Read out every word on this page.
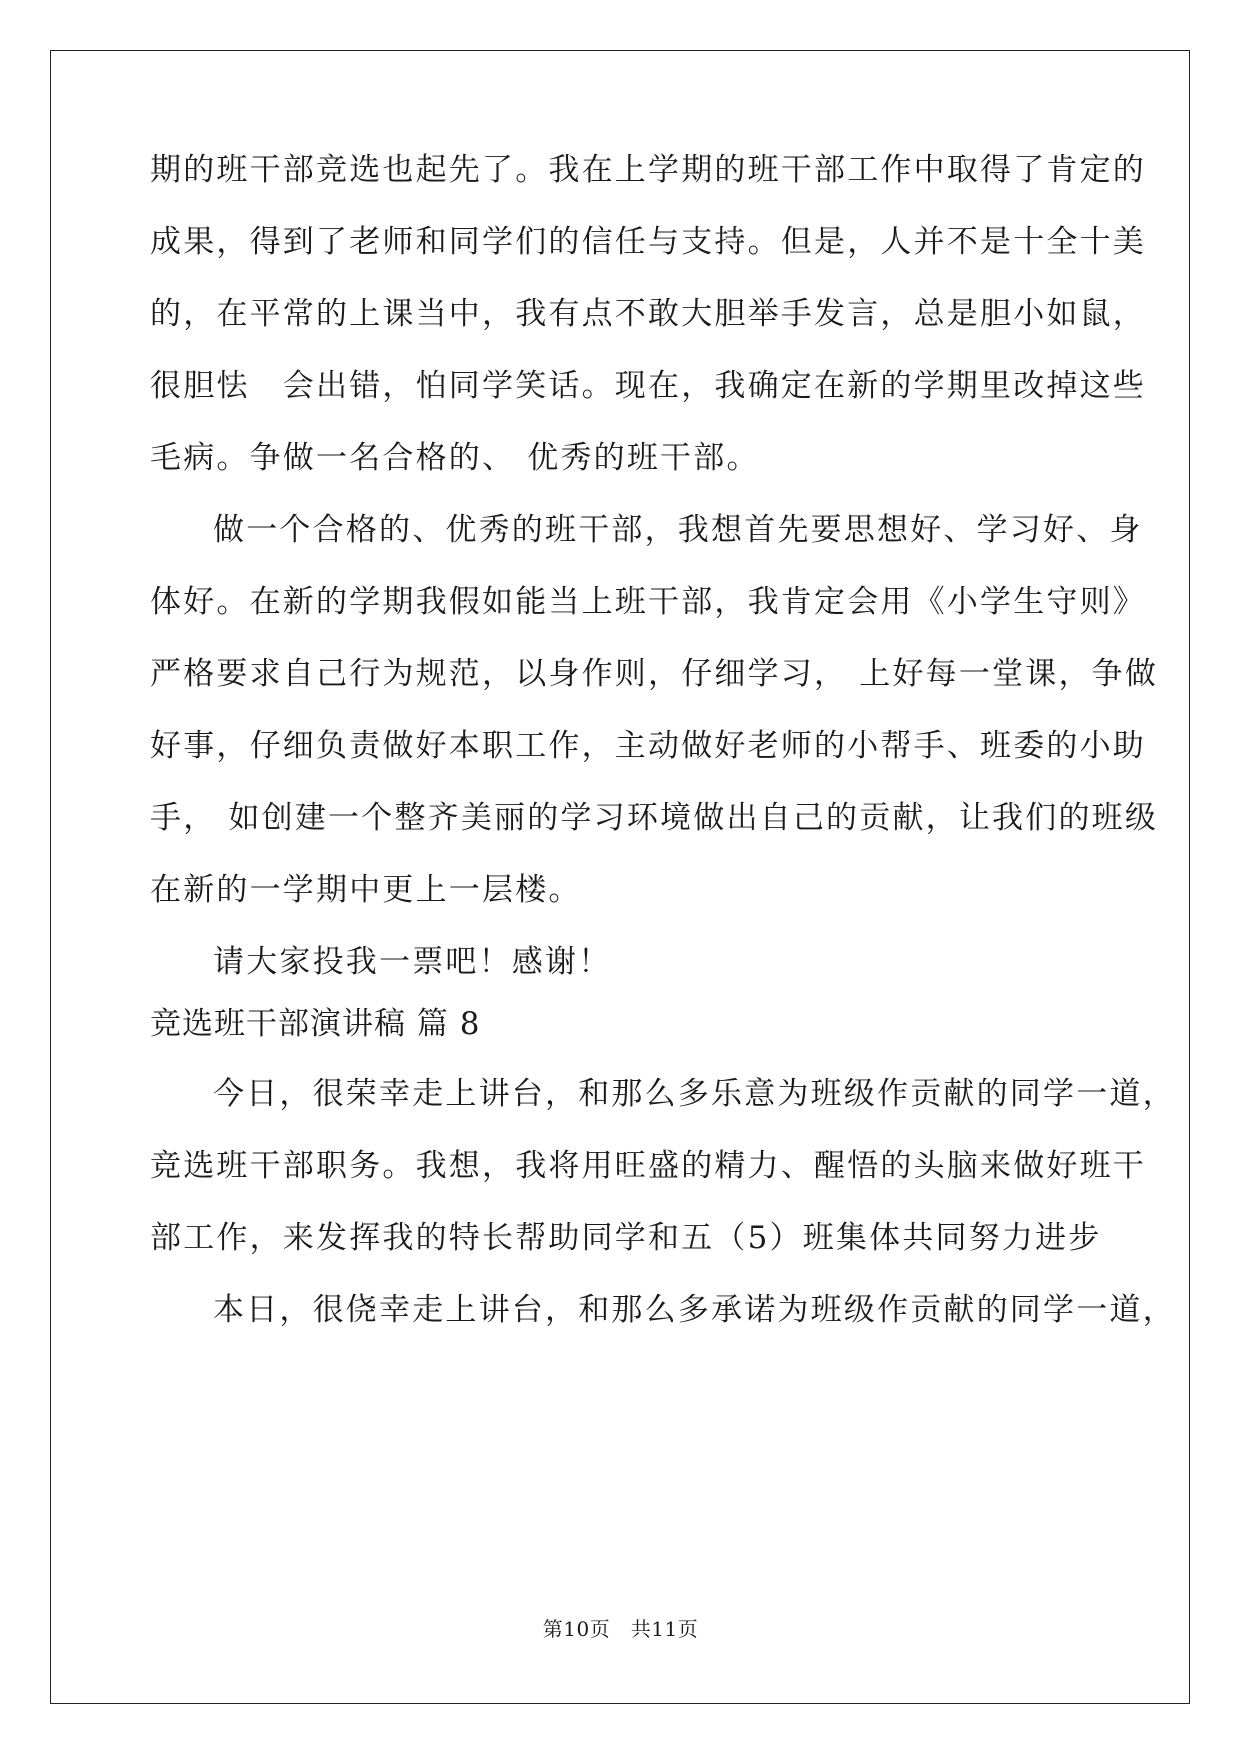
期的班干部竞选也起先了。我在上学期的班干部工作中取得了肯定的
成果，得到了老师和同学们的信任与支持。但是，人并不是十全十美
的，在平常的上课当中，我有点不敢大胆举手发言，总是胆小如鼠，
很胆怯　会出错，怕同学笑话。现在，我确定在新的学期里改掉这些
毛病。争做一名合格的、 优秀的班干部。
做一个合格的、优秀的班干部，我想首先要思想好、学习好、身
体好。在新的学期我假如能当上班干部，我肯定会用《小学生守则》
严格要求自己行为规范，以身作则，仔细学习， 上好每一堂课，争做
好事，仔细负责做好本职工作，主动做好老师的小帮手、班委的小助
手， 如创建一个整齐美丽的学习环境做出自己的贡献，让我们的班级
在新的一学期中更上一层楼。
请大家投我一票吧！感谢！
竞选班干部演讲稿 篇 8
今日，很荣幸走上讲台，和那么多乐意为班级作贡献的同学一道，
竞选班干部职务。我想，我将用旺盛的精力、醒悟的头脑来做好班干
部工作，来发挥我的特长帮助同学和五（5）班集体共同努力进步
本日，很侥幸走上讲台，和那么多承诺为班级作贡献的同学一道，
第10页　共11页
